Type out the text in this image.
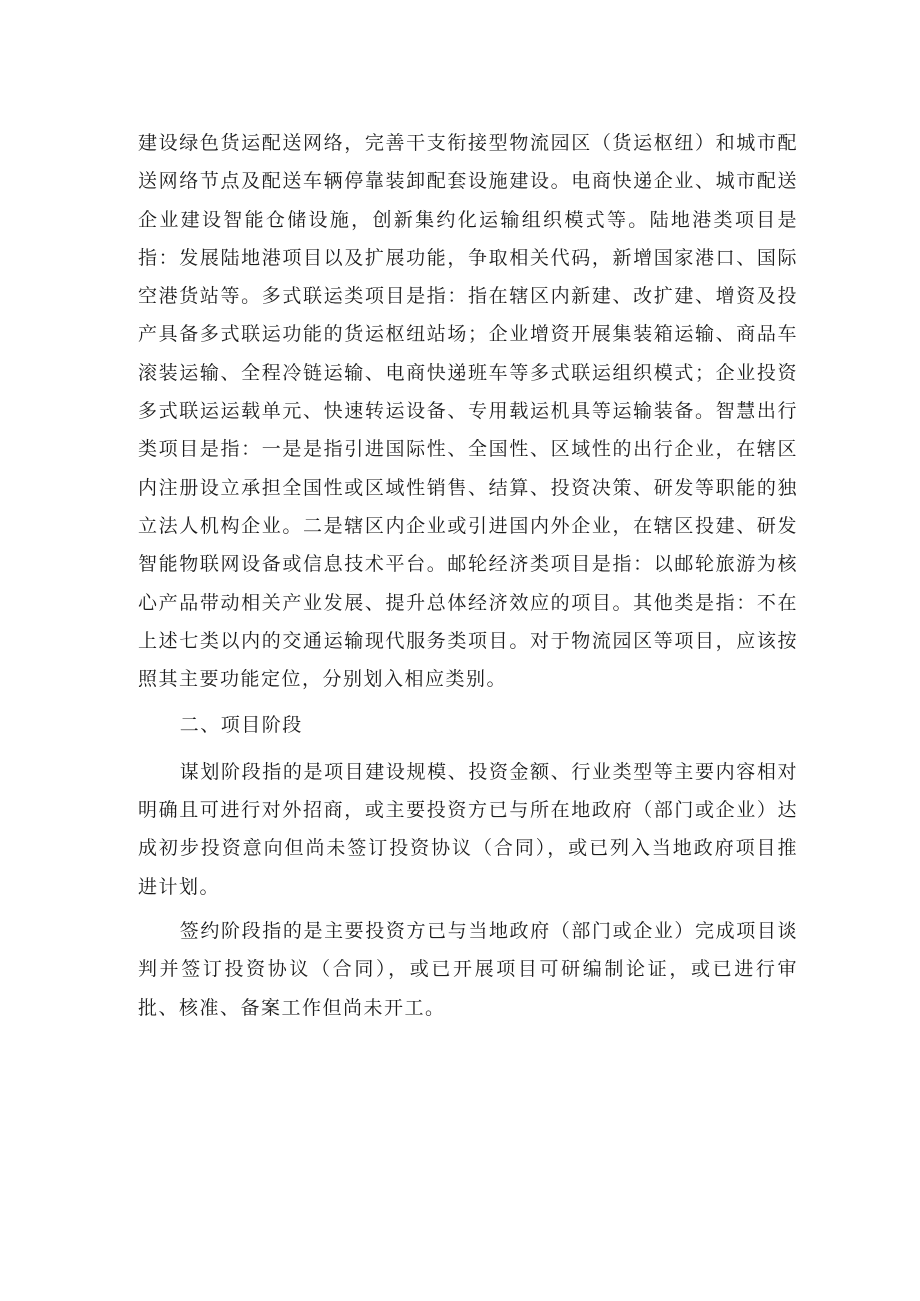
建设绿色货运配送网络，完善干支衔接型物流园区（货运枢纽）和城市配送网络节点及配送车辆停靠装卸配套设施建设。电商快递企业、城市配送企业建设智能仓储设施，创新集约化运输组织模式等。陆地港类项目是指：发展陆地港项目以及扩展功能，争取相关代码，新增国家港口、国际空港货站等。多式联运类项目是指：指在辖区内新建、改扩建、增资及投产具备多式联运功能的货运枢纽站场；企业增资开展集装箱运输、商品车滚装运输、全程冷链运输、电商快递班车等多式联运组织模式；企业投资多式联运运载单元、快速转运设备、专用载运机具等运输装备。智慧出行类项目是指：一是是指引进国际性、全国性、区域性的出行企业，在辖区内注册设立承担全国性或区域性销售、结算、投资决策、研发等职能的独立法人机构企业。二是辖区内企业或引进国内外企业，在辖区投建、研发智能物联网设备或信息技术平台。邮轮经济类项目是指：以邮轮旅游为核心产品带动相关产业发展、提升总体经济效应的项目。其他类是指：不在上述七类以内的交通运输现代服务类项目。对于物流园区等项目，应该按照其主要功能定位，分别划入相应类别。

二、项目阶段

谋划阶段指的是项目建设规模、投资金额、行业类型等主要内容相对明确且可进行对外招商，或主要投资方已与所在地政府（部门或企业）达成初步投资意向但尚未签订投资协议（合同），或已列入当地政府项目推进计划。

签约阶段指的是主要投资方已与当地政府（部门或企业）完成项目谈判并签订投资协议（合同），或已开展项目可研编制论证，或已进行审批、核准、备案工作但尚未开工。
